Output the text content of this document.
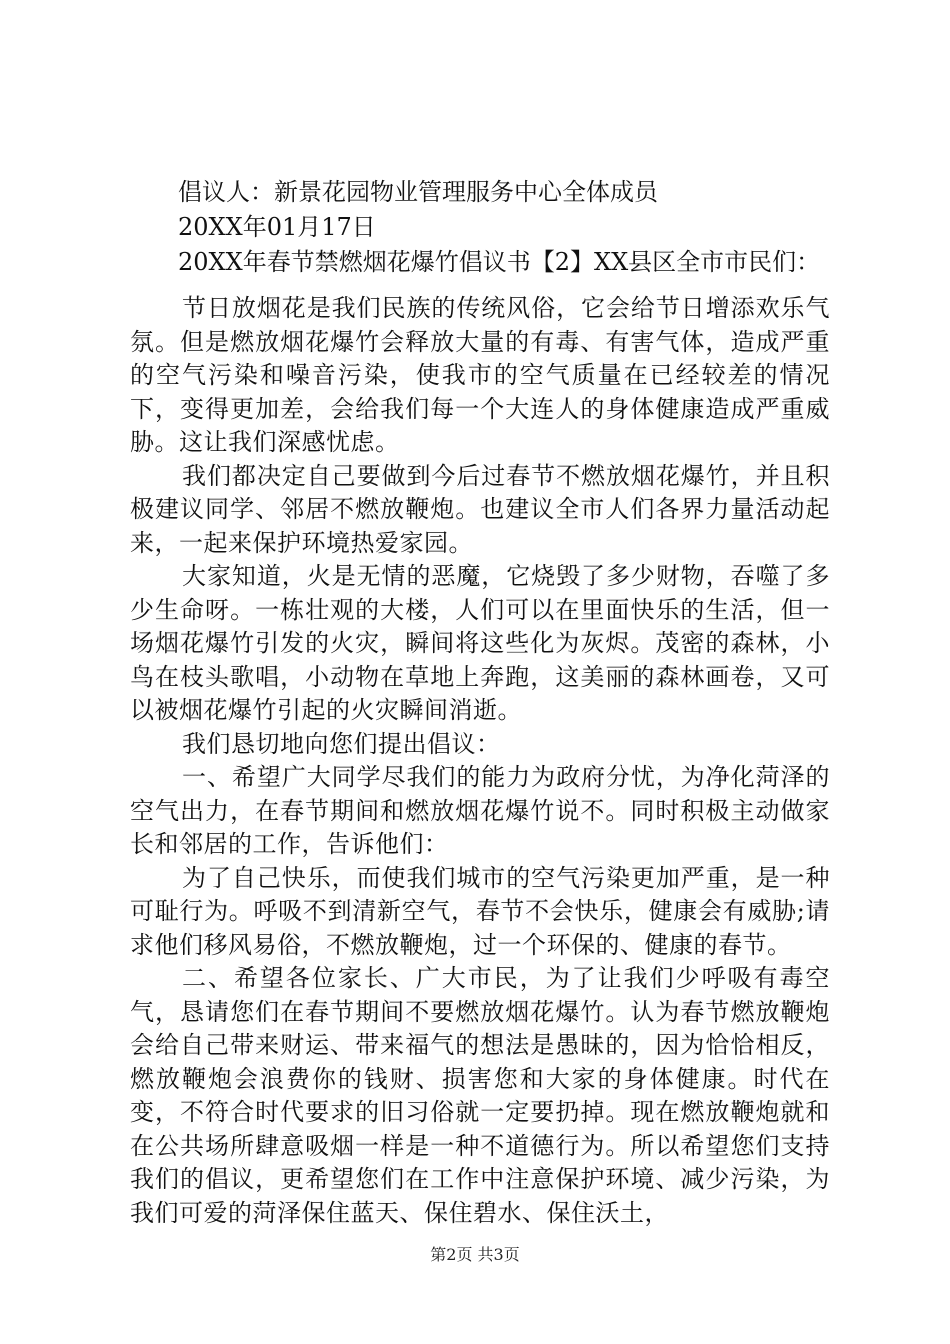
倡议人：新景花园物业管理服务中心全体成员

20XX年01月17日

20XX年春节禁燃烟花爆竹倡议书【2】XX县区全市市民们：

节日放烟花是我们民族的传统风俗，它会给节日增添欢乐气氛。但是燃放烟花爆竹会释放大量的有毒、有害气体，造成严重的空气污染和噪音污染，使我市的空气质量在已经较差的情况下，变得更加差，会给我们每一个大连人的身体健康造成严重威胁。这让我们深感忧虑。

我们都决定自己要做到今后过春节不燃放烟花爆竹，并且积极建议同学、邻居不燃放鞭炮。也建议全市人们各界力量活动起来，一起来保护环境热爱家园。

大家知道，火是无情的恶魔，它烧毁了多少财物，吞噬了多少生命呀。一栋壮观的大楼，人们可以在里面快乐的生活，但一场烟花爆竹引发的火灾，瞬间将这些化为灰烬。茂密的森林，小鸟在枝头歌唱，小动物在草地上奔跑，这美丽的森林画卷，又可以被烟花爆竹引起的火灾瞬间消逝。

我们恳切地向您们提出倡议：

一、希望广大同学尽我们的能力为政府分忧，为净化菏泽的空气出力，在春节期间和燃放烟花爆竹说不。同时积极主动做家长和邻居的工作，告诉他们：

为了自己快乐，而使我们城市的空气污染更加严重，是一种可耻行为。呼吸不到清新空气，春节不会快乐，健康会有威胁;请求他们移风易俗，不燃放鞭炮，过一个环保的、健康的春节。

二、希望各位家长、广大市民，为了让我们少呼吸有毒空气，恳请您们在春节期间不要燃放烟花爆竹。认为春节燃放鞭炮会给自己带来财运、带来福气的想法是愚昧的，因为恰恰相反，燃放鞭炮会浪费你的钱财、损害您和大家的身体健康。时代在变，不符合时代要求的旧习俗就一定要扔掉。现在燃放鞭炮就和在公共场所肆意吸烟一样是一种不道德行为。所以希望您们支持我们的倡议，更希望您们在工作中注意保护环境、减少污染，为我们可爱的菏泽保住蓝天、保住碧水、保住沃土，

第2页 共3页
